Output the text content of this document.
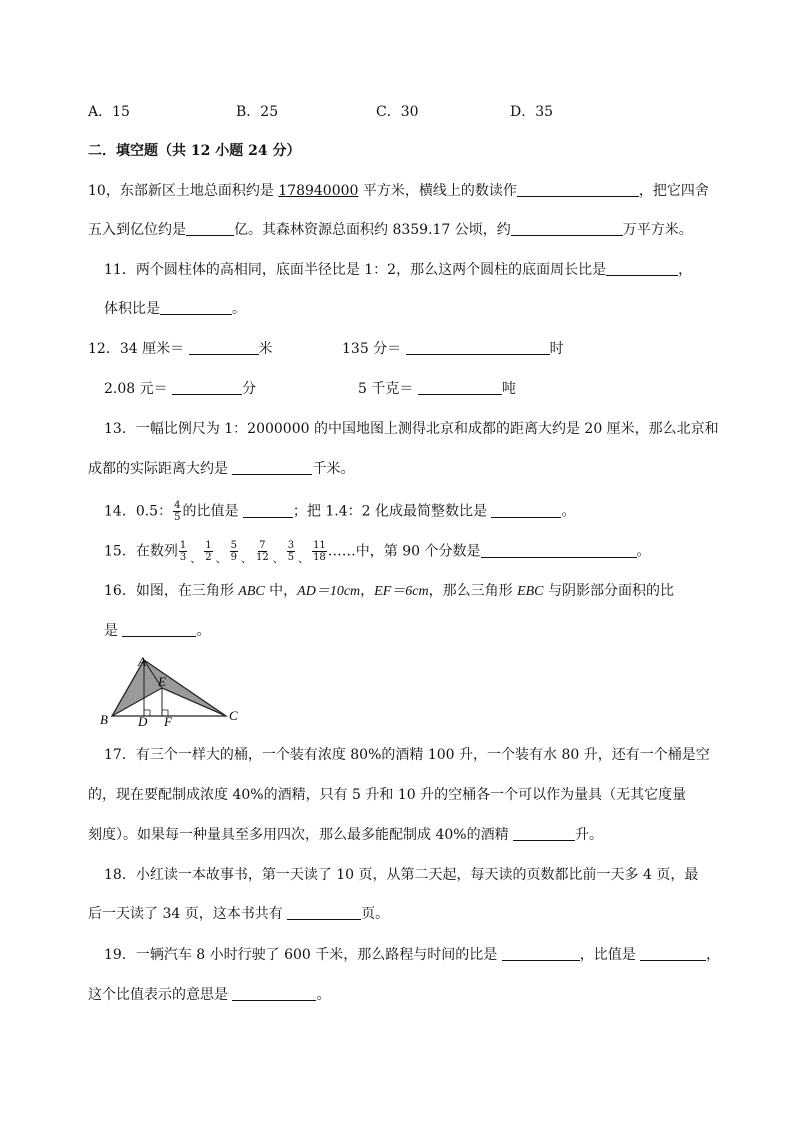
A．15	B．25	C．30	D．35
二．填空题（共 12 小题 24 分）
10，东部新区土地总面积约是 178940000 平方米，横线上的数读作	，把它四舍
五入到亿位约是	亿。其森林资源总面积约 8359.17 公顷，约	万平方米。
11．两个圆柱体的高相同，底面半径比是 1：2，那么这两个圆柱的底面周长比是	，
体积比是	。
12．34 厘米＝	米	135 分＝	时
2.08 元＝	分	5 千克＝	吨
13．一幅比例尺为 1：2000000 的中国地图上测得北京和成都的距离大约是 20 厘米，那么北京和
成都的实际距离大约是	千米。
14．0.5： $\frac{4}{5}$ 的比值是	；把 1.4：2 化成最简整数比是	。
15．在数列 $\frac{1}{3} _、 \frac{1}{2} _、 \frac{5}{9} _、 \frac{7}{12} _、 \frac{3}{5} _、 \frac{11}{18}$ ……中，第 90 个分数是	。
16．如图，在三角形 ABC 中，AD＝10cm，EF＝6cm，那么三角形 EBC 与阴影部分面积的比
是	。
A
B	C
D
E
F
17．有三个一样大的桶，一个装有浓度 80%的酒精 100 升，一个装有水 80 升，还有一个桶是空
的，现在要配制成浓度 40%的酒精，只有 5 升和 10 升的空桶各一个可以作为量具（无其它度量
刻度）。如果每一种量具至多用四次，那么最多能配制成 40%的酒精	升。
18．小红读一本故事书，第一天读了 10 页，从第二天起，每天读的页数都比前一天多 4 页，最
后一天读了 34 页，这本书共有	页。
19．一辆汽车 8 小时行驶了 600 千米，那么路程与时间的比是	，比值是	，
这个比值表示的意思是	。
